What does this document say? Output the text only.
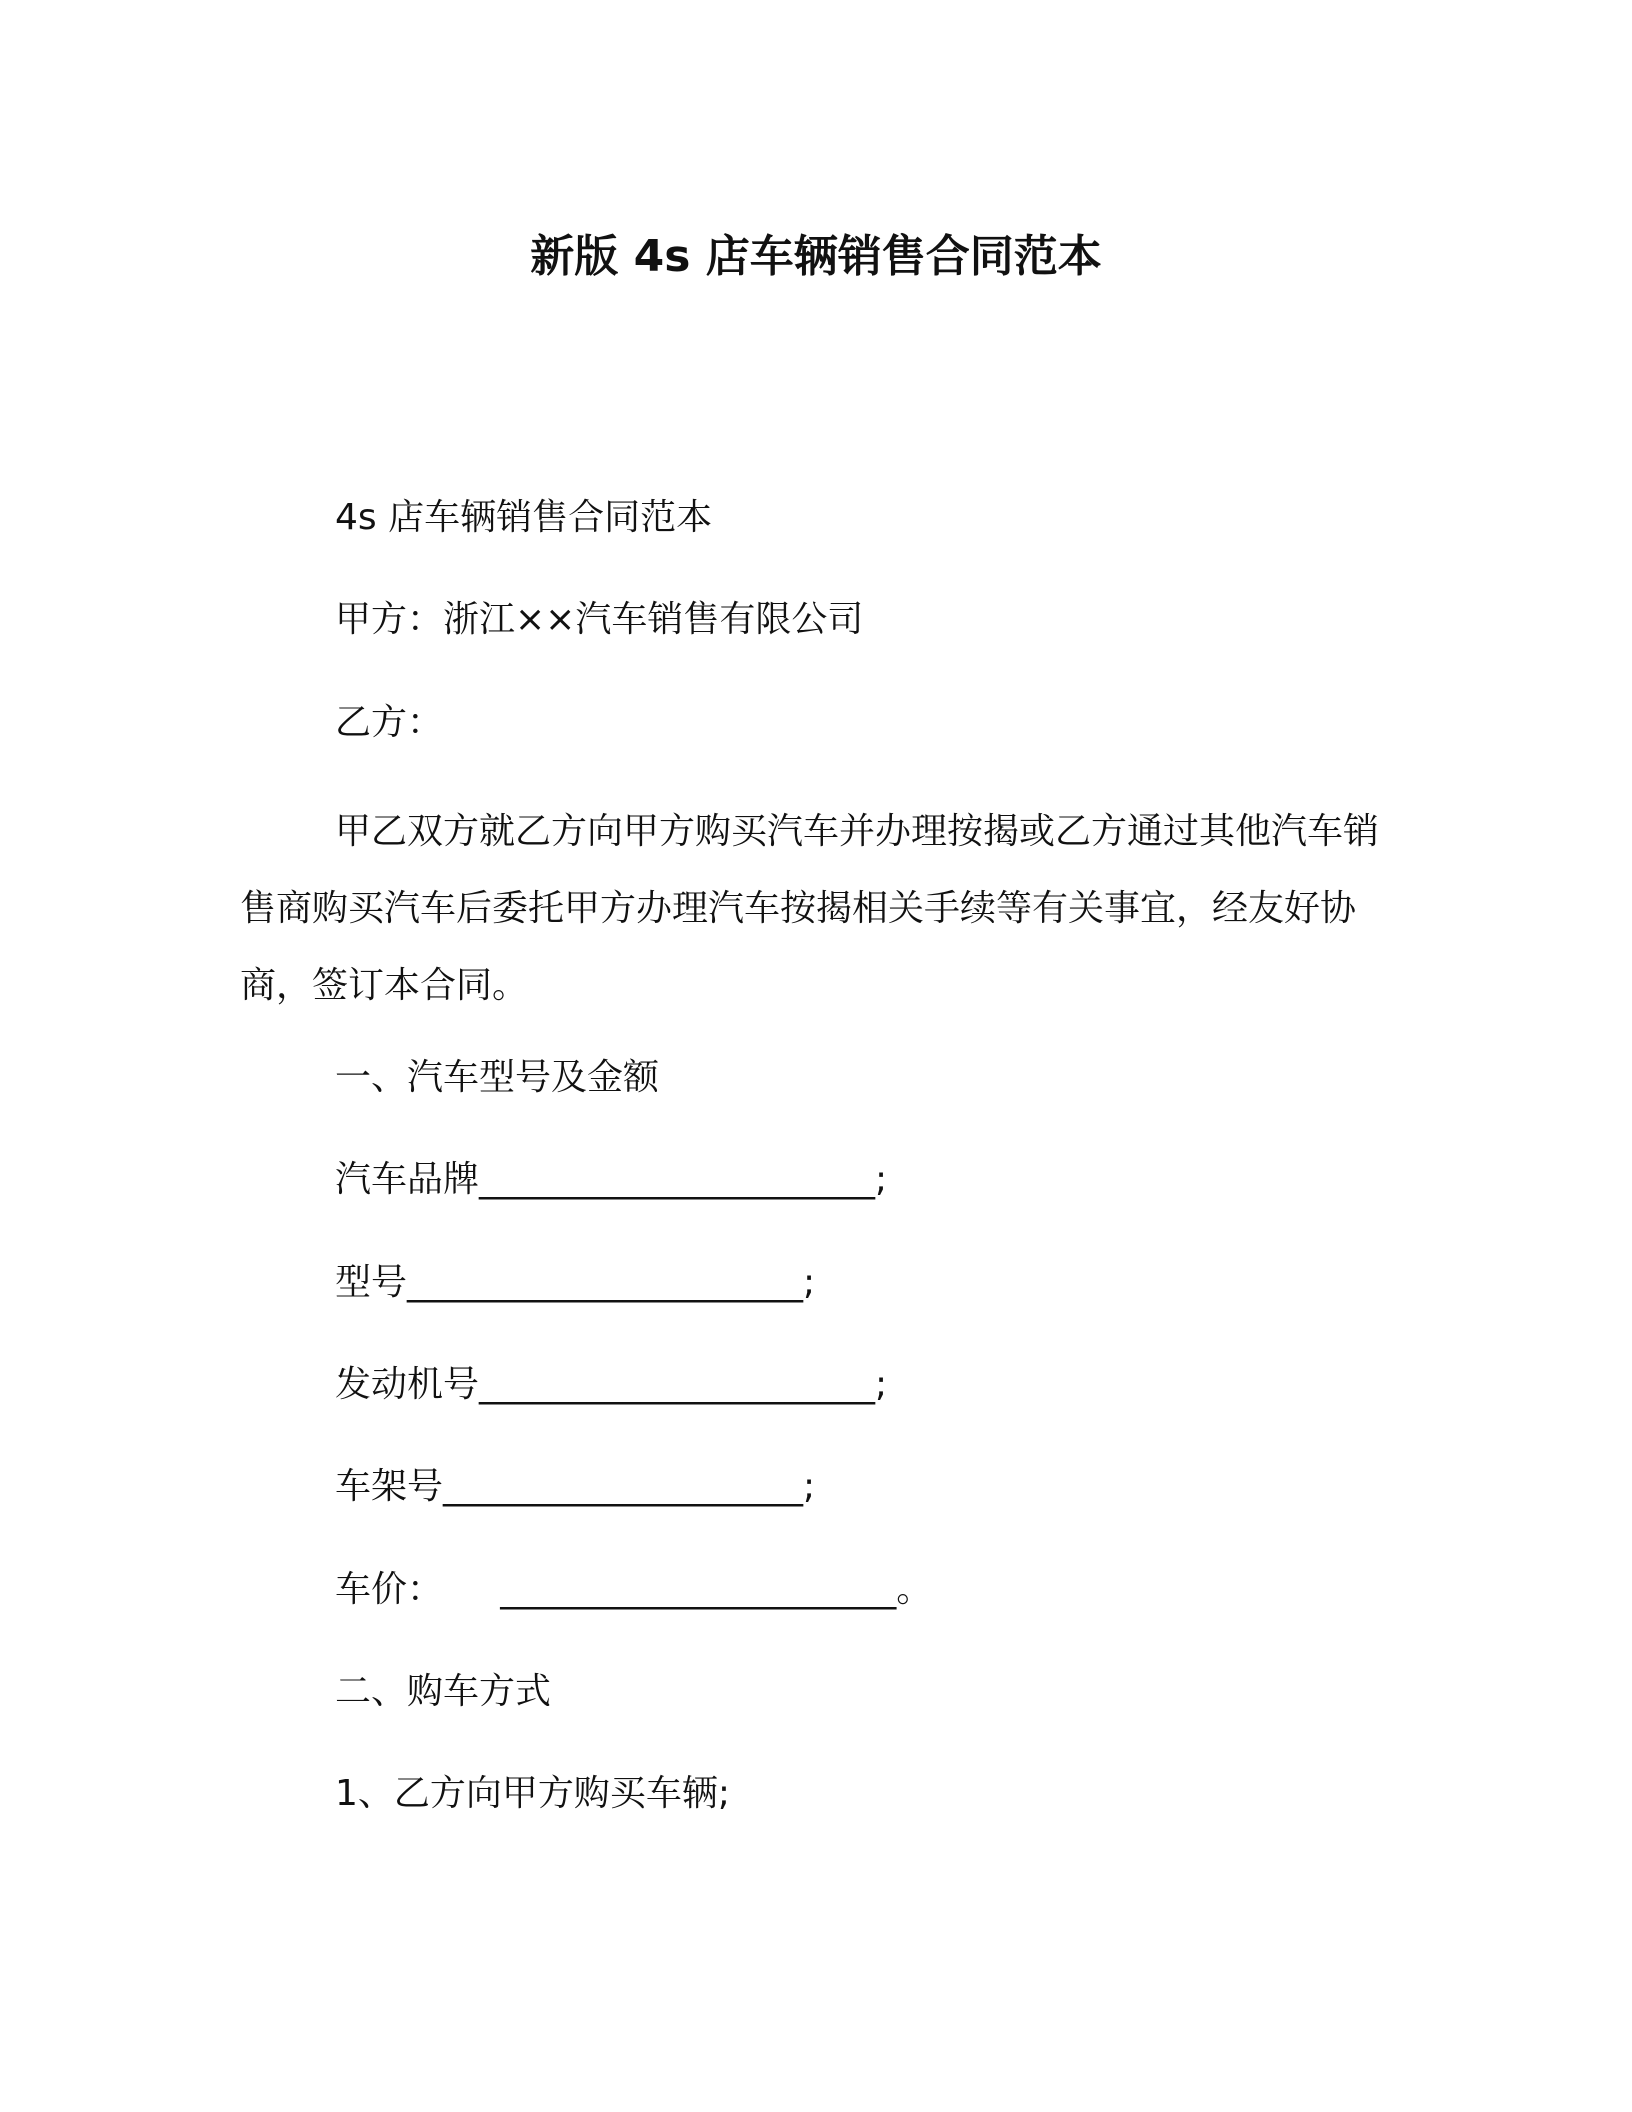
新版 4s 店车辆销售合同范本
4s 店车辆销售合同范本
甲方：浙江××汽车销售有限公司
乙方：
甲乙双方就乙方向甲方购买汽车并办理按揭或乙方通过其他汽车销售商购买汽车后委托甲方办理汽车按揭相关手续等有关事宜，经友好协商，签订本合同。
一、汽车型号及金额
汽车品牌______________________;
型号______________________;
发动机号______________________;
车架号____________________;
车价：     ______________________。
二、购车方式
1、乙方向甲方购买车辆;
